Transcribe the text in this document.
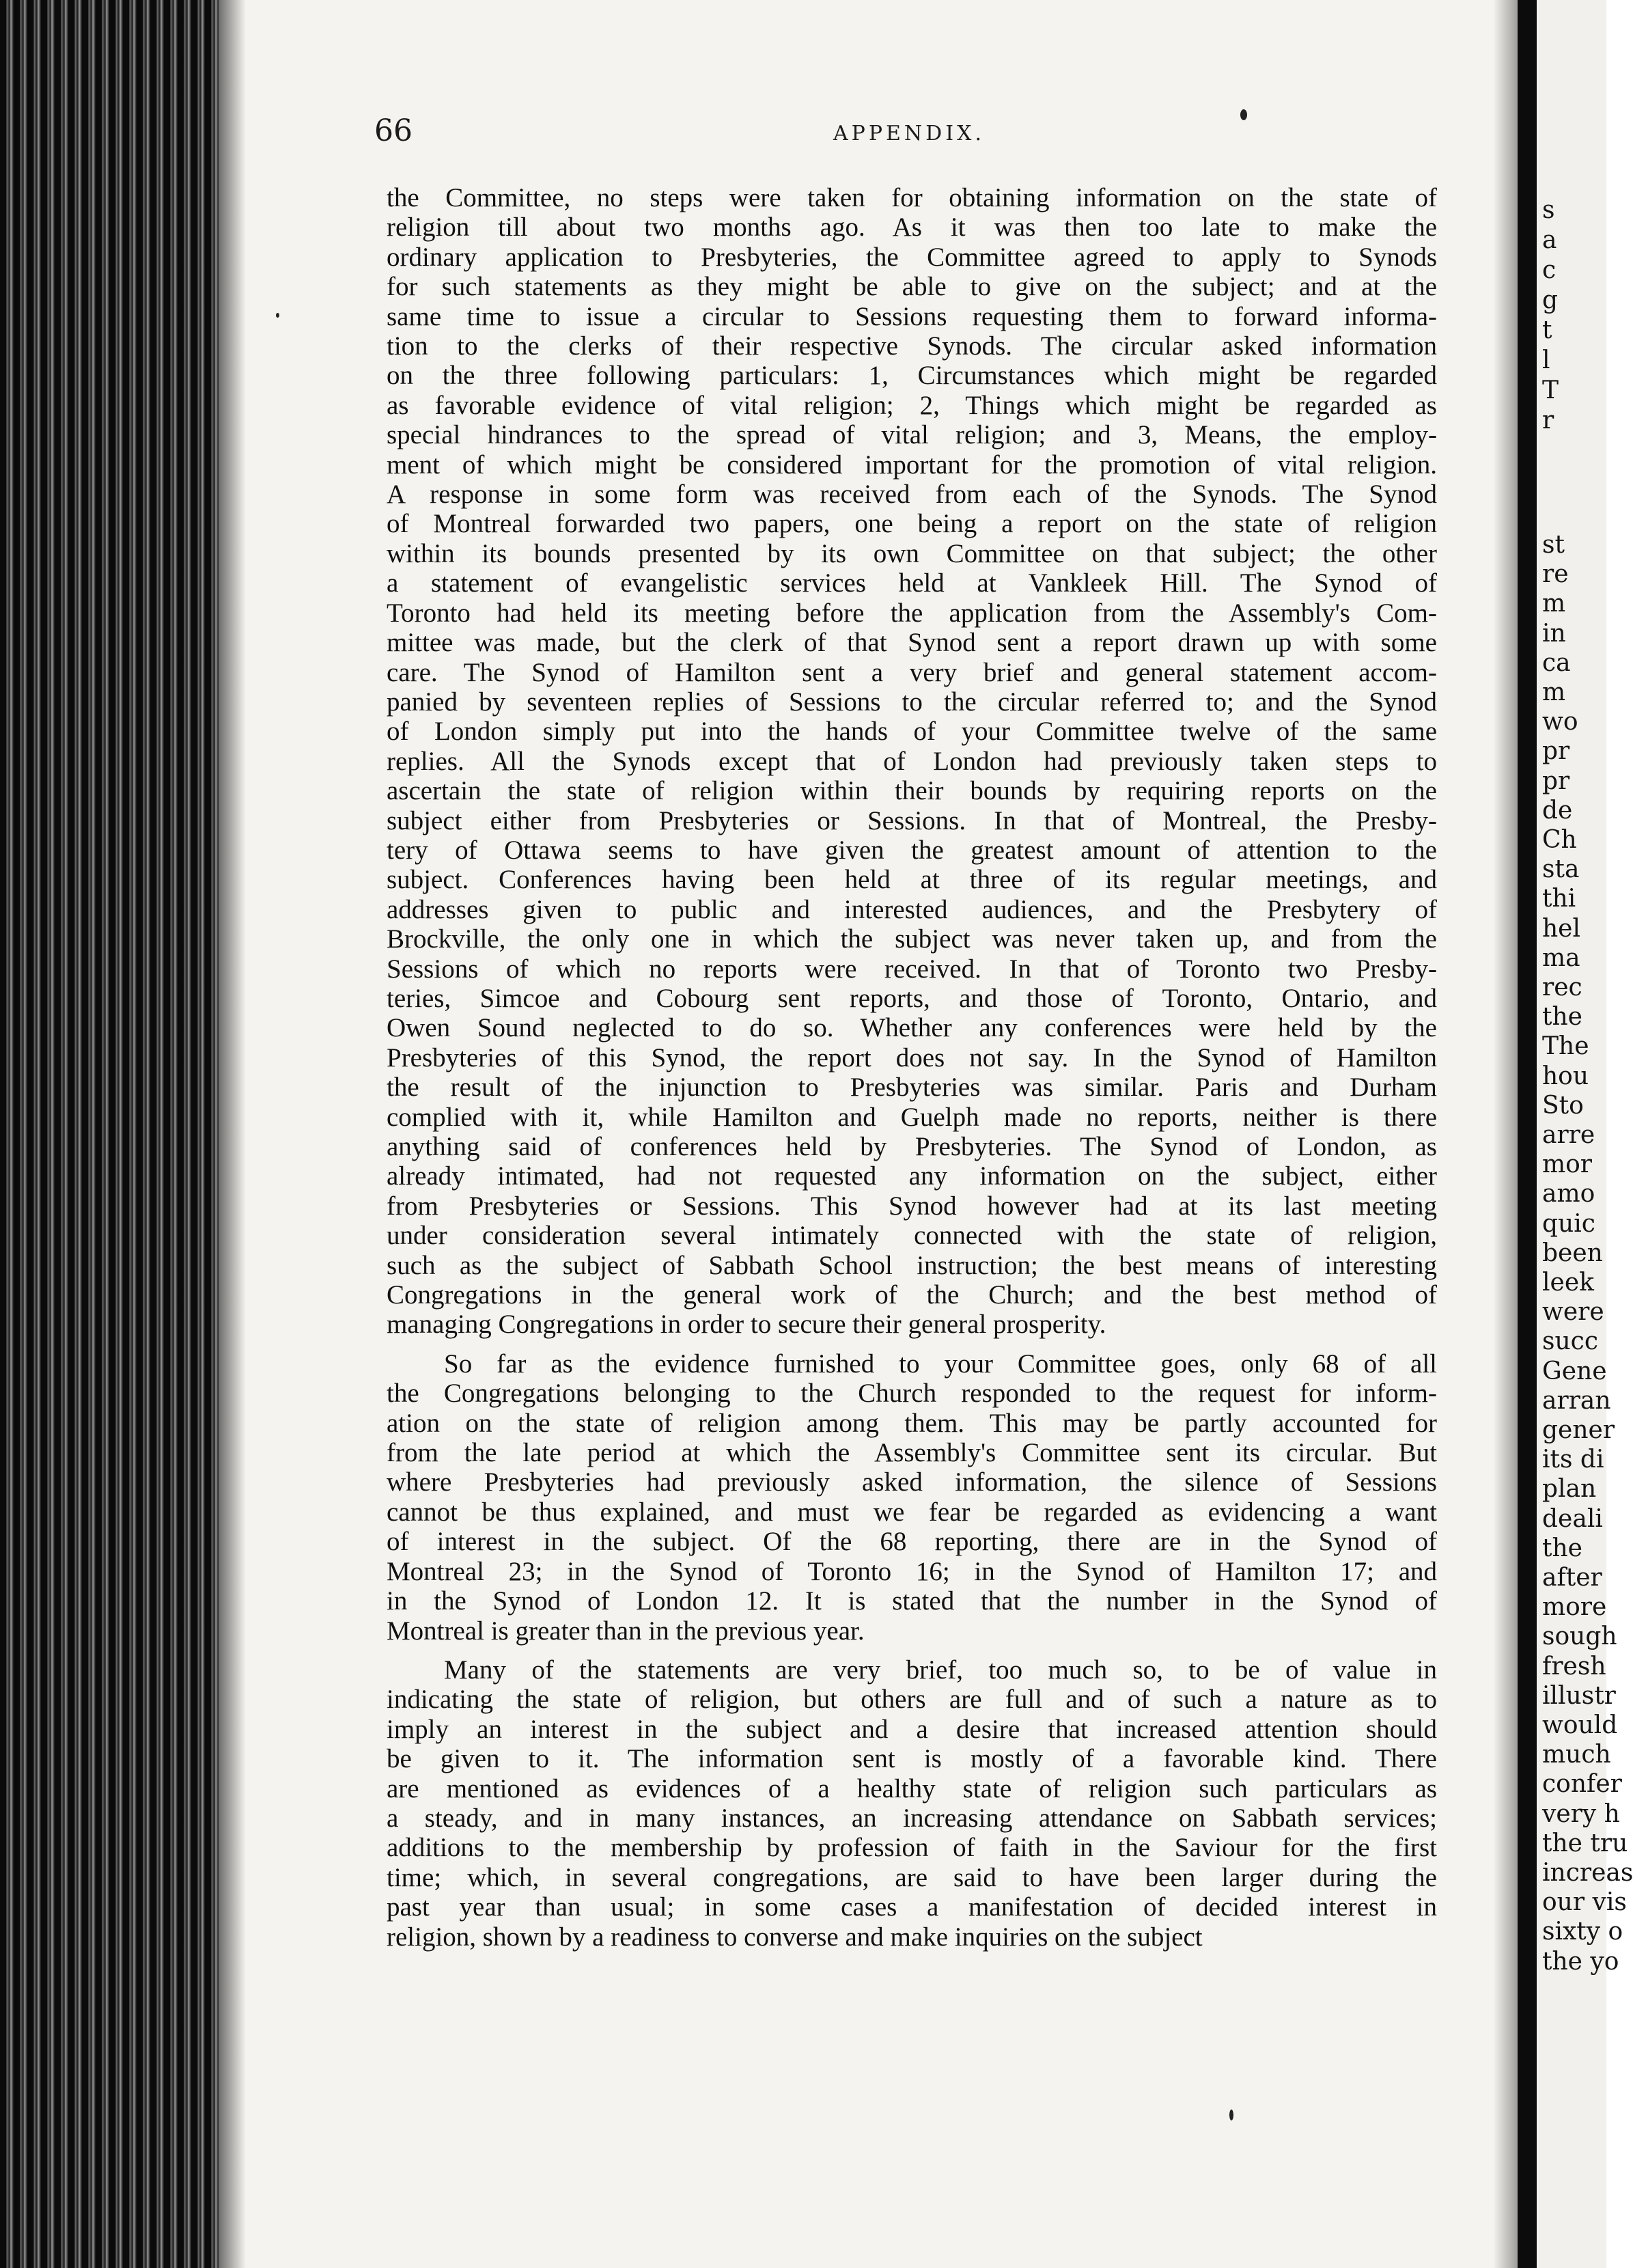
s
a
c
g
t
l
T
r
st
re
m
in
ca
m
wo
pr
pr
de
Ch
sta
thi
hel
ma
rec
the
The
hou
Sto
arre
mor
amo
quic
been
leek
were
succ
Gene
arran
gener
its di
plan
deali
the
after
more
sough
fresh
illustr
would
much
confer
very h
the tru
increas
our vis
sixty o
the yo
66	APPENDIX.
the Committee, no steps were taken for obtaining information on the state of
religion till about two months ago. As it was then too late to make the
ordinary application to Presbyteries, the Committee agreed to apply to Synods
for such statements as they might be able to give on the subject; and at the
same time to issue a circular to Sessions requesting them to forward informa-
tion to the clerks of their respective Synods. The circular asked information
on the three following particulars: 1, Circumstances which might be regarded
as favorable evidence of vital religion; 2, Things which might be regarded as
special hindrances to the spread of vital religion; and 3, Means, the employ-
ment of which might be considered important for the promotion of vital religion.
A response in some form was received from each of the Synods. The Synod
of Montreal forwarded two papers, one being a report on the state of religion
within its bounds presented by its own Committee on that subject; the other
a statement of evangelistic services held at Vankleek Hill. The Synod of
Toronto had held its meeting before the application from the Assembly's Com-
mittee was made, but the clerk of that Synod sent a report drawn up with some
care. The Synod of Hamilton sent a very brief and general statement accom-
panied by seventeen replies of Sessions to the circular referred to; and the Synod
of London simply put into the hands of your Committee twelve of the same
replies. All the Synods except that of London had previously taken steps to
ascertain the state of religion within their bounds by requiring reports on the
subject either from Presbyteries or Sessions. In that of Montreal, the Presby-
tery of Ottawa seems to have given the greatest amount of attention to the
subject. Conferences having been held at three of its regular meetings, and
addresses given to public and interested audiences, and the Presbytery of
Brockville, the only one in which the subject was never taken up, and from the
Sessions of which no reports were received. In that of Toronto two Presby-
teries, Simcoe and Cobourg sent reports, and those of Toronto, Ontario, and
Owen Sound neglected to do so. Whether any conferences were held by the
Presbyteries of this Synod, the report does not say. In the Synod of Hamilton
the result of the injunction to Presbyteries was similar. Paris and Durham
complied with it, while Hamilton and Guelph made no reports, neither is there
anything said of conferences held by Presbyteries. The Synod of London, as
already intimated, had not requested any information on the subject, either
from Presbyteries or Sessions. This Synod however had at its last meeting
under consideration several intimately connected with the state of religion,
such as the subject of Sabbath School instruction; the best means of interesting
Congregations in the general work of the Church; and the best method of
managing Congregations in order to secure their general prosperity.
So far as the evidence furnished to your Committee goes, only 68 of all
the Congregations belonging to the Church responded to the request for inform-
ation on the state of religion among them. This may be partly accounted for
from the late period at which the Assembly's Committee sent its circular. But
where Presbyteries had previously asked information, the silence of Sessions
cannot be thus explained, and must we fear be regarded as evidencing a want
of interest in the subject. Of the 68 reporting, there are in the Synod of
Montreal 23; in the Synod of Toronto 16; in the Synod of Hamilton 17; and
in the Synod of London 12. It is stated that the number in the Synod of
Montreal is greater than in the previous year.
Many of the statements are very brief, too much so, to be of value in
indicating the state of religion, but others are full and of such a nature as to
imply an interest in the subject and a desire that increased attention should
be given to it. The information sent is mostly of a favorable kind. There
are mentioned as evidences of a healthy state of religion such particulars as
a steady, and in many instances, an increasing attendance on Sabbath services;
additions to the membership by profession of faith in the Saviour for the first
time; which, in several congregations, are said to have been larger during the
past year than usual; in some cases a manifestation of decided interest in
religion, shown by a readiness to converse and make inquiries on the subject
